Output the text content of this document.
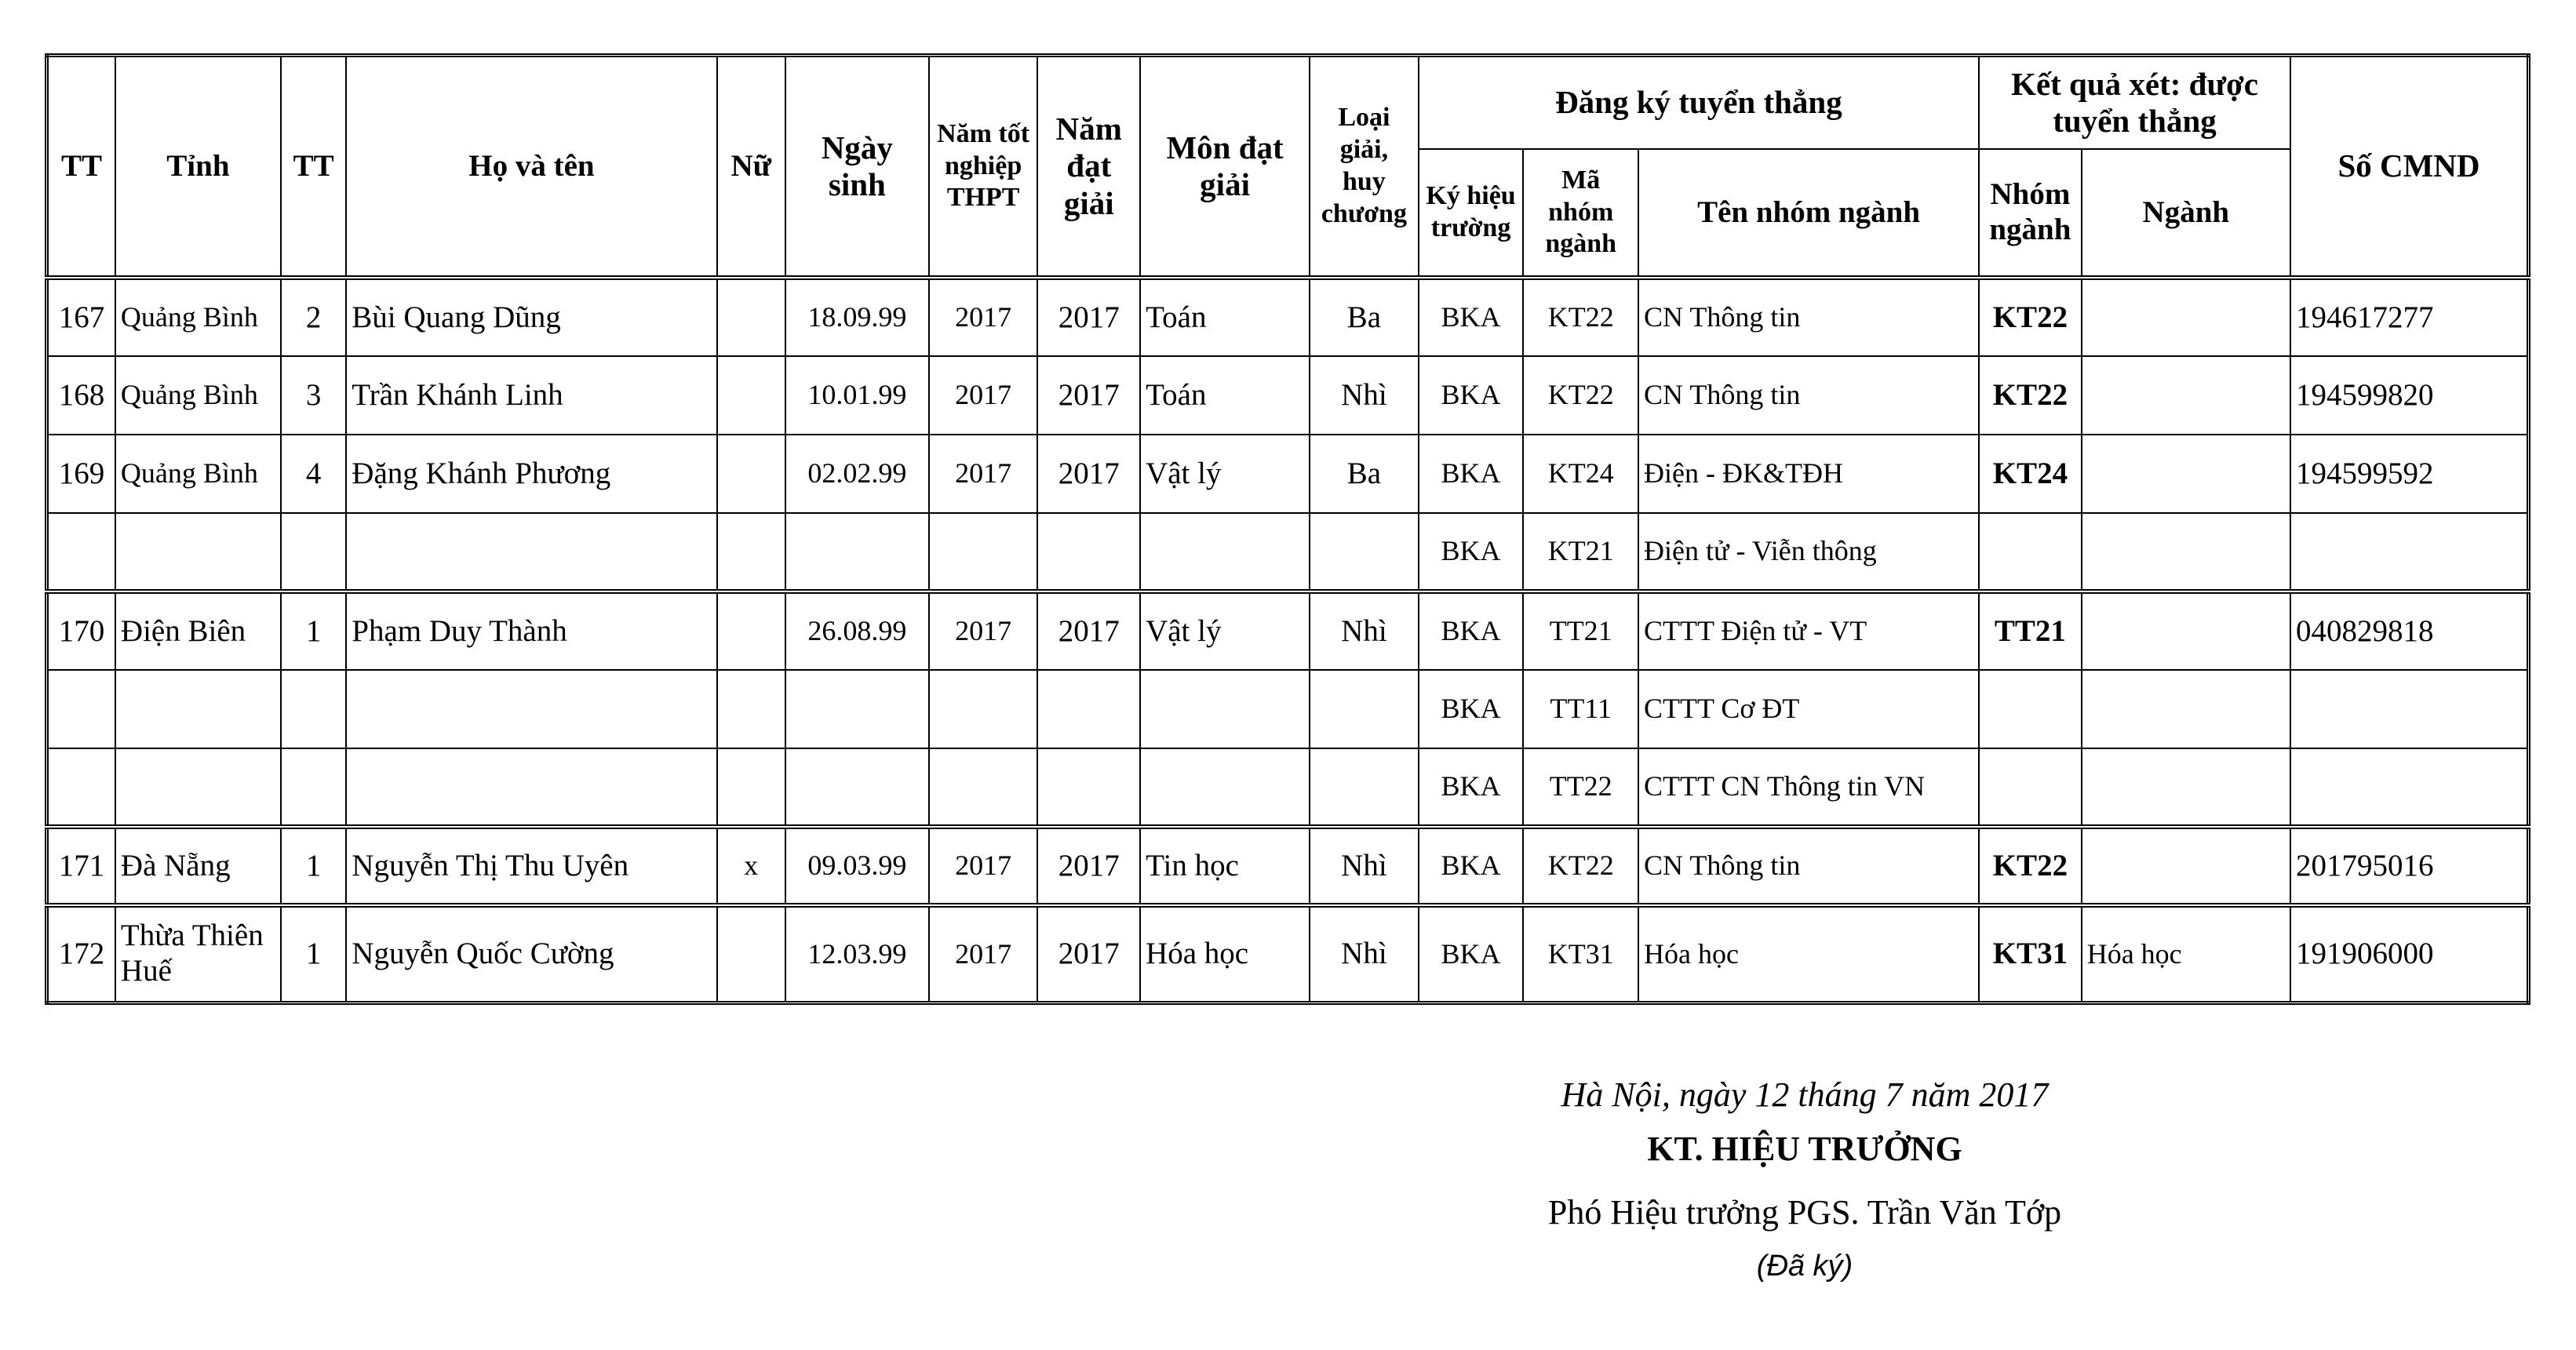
TT	Tỉnh	TT	Họ và tên	Nữ	Ngày sinh	Năm tốt nghiệp THPT	Năm đạt giải	Môn đạt giải	Loại giải, huy chương	Đăng ký tuyển thẳng			Kết quả xét: được tuyển thẳng		Số CMND
										Ký hiệu trường	Mã nhóm ngành	Tên nhóm ngành	Nhóm ngành	Ngành	
167	Quảng Bình	2	Bùi Quang Dũng		18.09.99	2017	2017	Toán	Ba	BKA	KT22	CN Thông tin	KT22		194617277
168	Quảng Bình	3	Trần Khánh Linh		10.01.99	2017	2017	Toán	Nhì	BKA	KT22	CN Thông tin	KT22		194599820
169	Quảng Bình	4	Đặng Khánh Phương		02.02.99	2017	2017	Vật lý	Ba	BKA	KT24	Điện - ĐK&TĐH	KT24		194599592
										BKA	KT21	Điện tử - Viễn thông			
170	Điện Biên	1	Phạm Duy Thành		26.08.99	2017	2017	Vật lý	Nhì	BKA	TT21	CTTT Điện tử - VT	TT21		040829818
										BKA	TT11	CTTT Cơ ĐT			
										BKA	TT22	CTTT CN Thông tin VN			
171	Đà Nẵng	1	Nguyễn Thị Thu Uyên	x	09.03.99	2017	2017	Tin học	Nhì	BKA	KT22	CN Thông tin	KT22		201795016
172	Thừa Thiên Huế	1	Nguyễn Quốc Cường		12.03.99	2017	2017	Hóa học	Nhì	BKA	KT31	Hóa học	KT31	Hóa học	191906000
Hà Nội, ngày 12 tháng 7 năm 2017
KT. HIỆU TRƯỞNG
Phó Hiệu trưởng PGS. Trần Văn Tớp
(Đã ký)
